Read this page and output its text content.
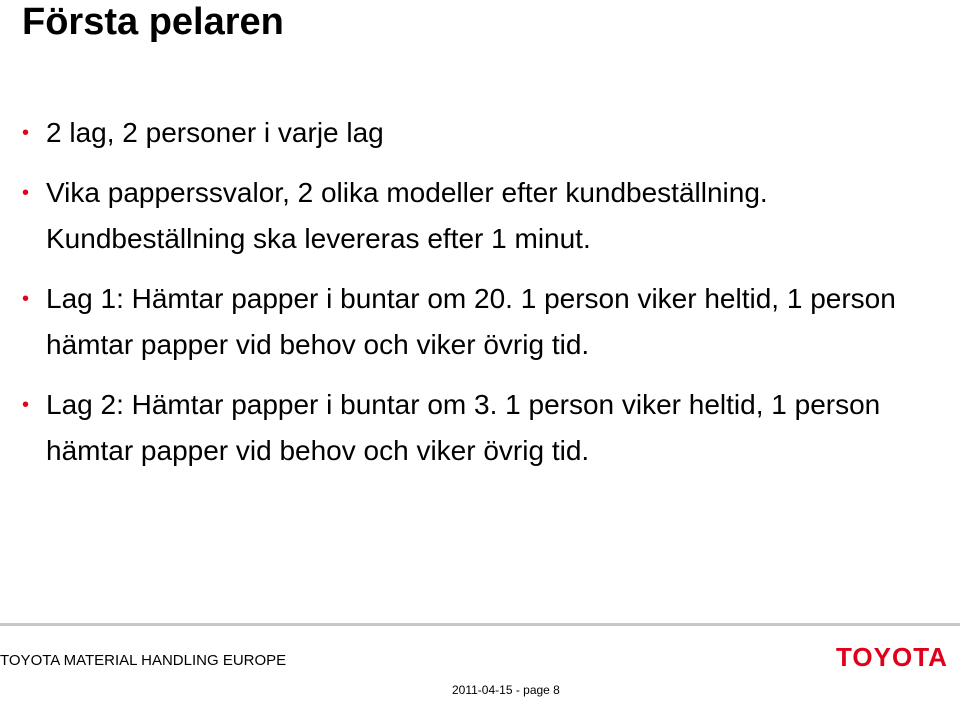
Första pelaren
• 2 lag, 2 personer i varje lag
• Vika papperssvalor, 2 olika modeller efter kundbeställning. Kundbeställning ska levereras efter 1 minut.
• Lag 1: Hämtar papper i buntar om 20. 1 person viker heltid, 1 person hämtar papper vid behov och viker övrig tid.
• Lag 2: Hämtar papper i buntar om 3. 1 person viker heltid, 1 person hämtar papper vid behov och viker övrig tid.
TOYOTA MATERIAL HANDLING EUROPE	TOYOTA
2011-04-15 - page 8
